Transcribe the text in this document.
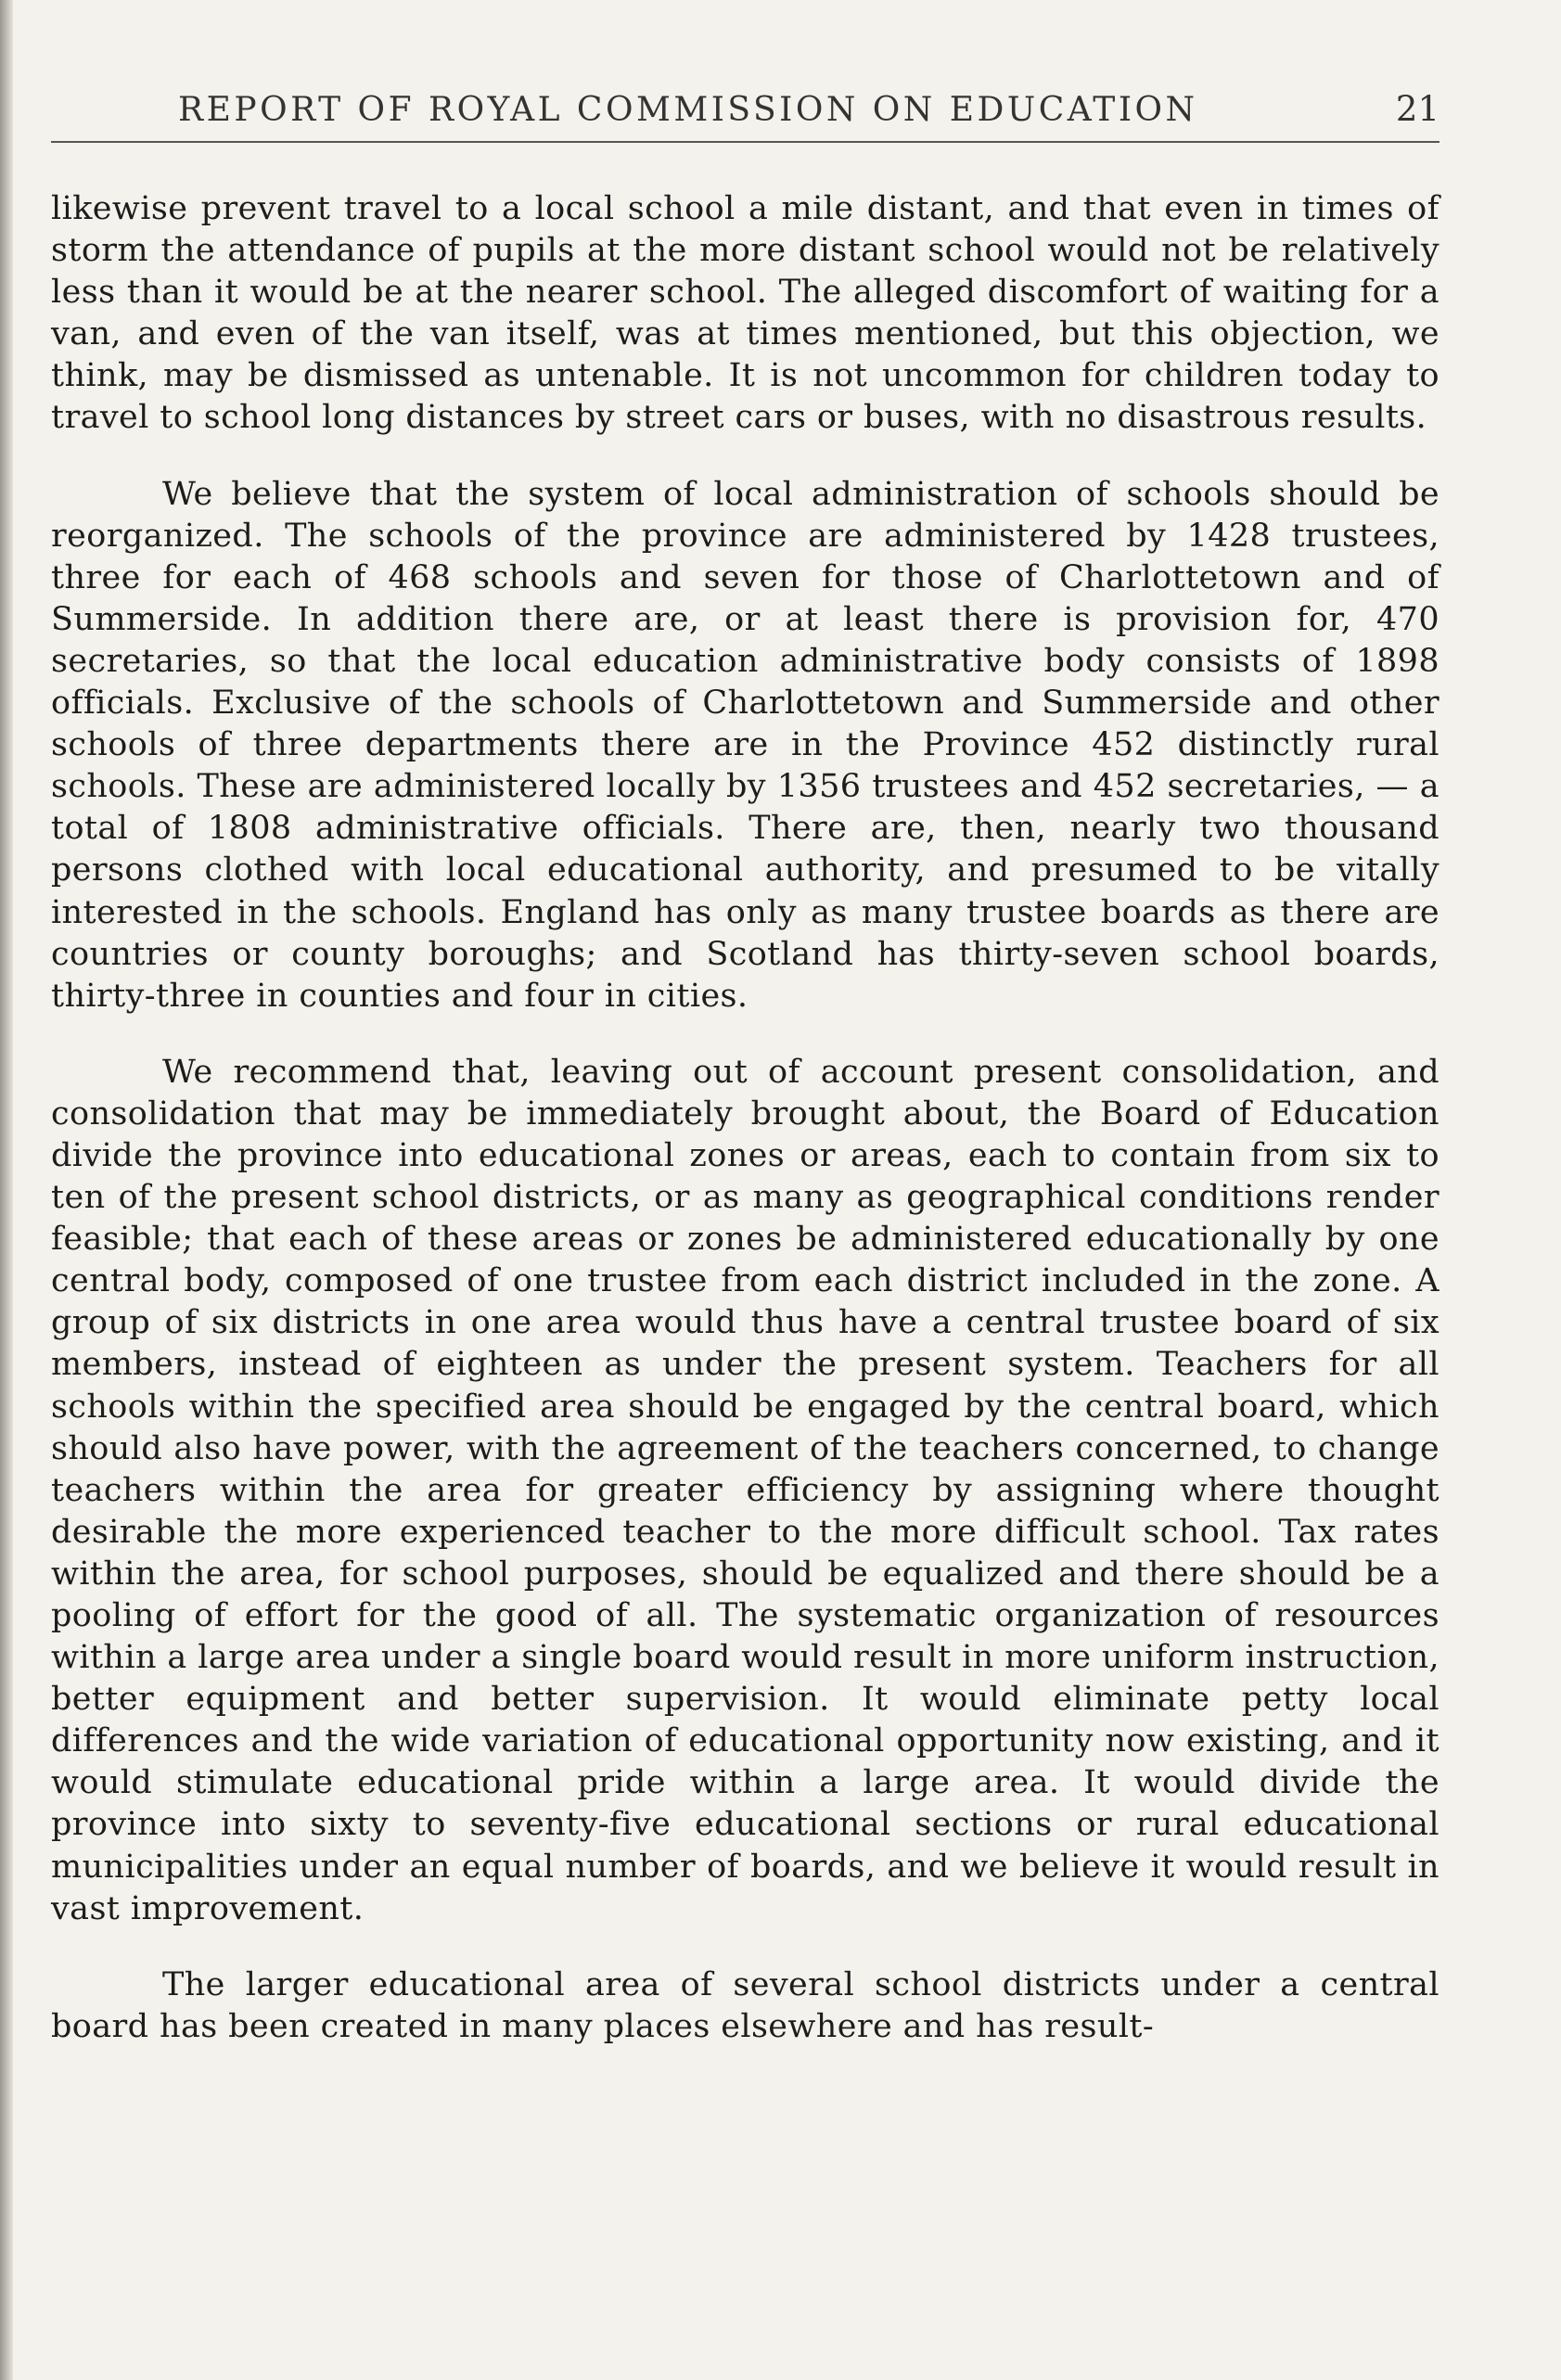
REPORT OF ROYAL COMMISSION ON EDUCATION	21

likewise prevent travel to a local school a mile distant, and that even in times of storm the attendance of pupils at the more distant school would not be relatively less than it would be at the nearer school. The alleged discomfort of waiting for a van, and even of the van itself, was at times mentioned, but this objection, we think, may be dismissed as untenable. It is not uncommon for children today to travel to school long distances by street cars or buses, with no disastrous results.

We believe that the system of local administration of schools should be reorganized. The schools of the province are administered by 1428 trustees, three for each of 468 schools and seven for those of Charlottetown and of Summerside. In addition there are, or at least there is provision for, 470 secretaries, so that the local education administrative body consists of 1898 officials. Exclusive of the schools of Charlottetown and Summerside and other schools of three departments there are in the Province 452 distinctly rural schools. These are administered locally by 1356 trustees and 452 secretaries, — a total of 1808 administrative officials. There are, then, nearly two thousand persons clothed with local educational authority, and presumed to be vitally interested in the schools. England has only as many trustee boards as there are countries or county boroughs; and Scotland has thirty-seven school boards, thirty-three in counties and four in cities.

We recommend that, leaving out of account present consolidation, and consolidation that may be immediately brought about, the Board of Education divide the province into educational zones or areas, each to contain from six to ten of the present school districts, or as many as geographical conditions render feasible; that each of these areas or zones be administered educationally by one central body, composed of one trustee from each district included in the zone. A group of six districts in one area would thus have a central trustee board of six members, instead of eighteen as under the present system. Teachers for all schools within the specified area should be engaged by the central board, which should also have power, with the agreement of the teachers concerned, to change teachers within the area for greater efficiency by assigning where thought desirable the more experienced teacher to the more difficult school. Tax rates within the area, for school purposes, should be equalized and there should be a pooling of effort for the good of all. The systematic organization of resources within a large area under a single board would result in more uniform instruction, better equipment and better supervision. It would eliminate petty local differences and the wide variation of educational opportunity now existing, and it would stimulate educational pride within a large area. It would divide the province into sixty to seventy-five educational sections or rural educational municipalities under an equal number of boards, and we believe it would result in vast improvement.

The larger educational area of several school districts under a central board has been created in many places elsewhere and has result-
